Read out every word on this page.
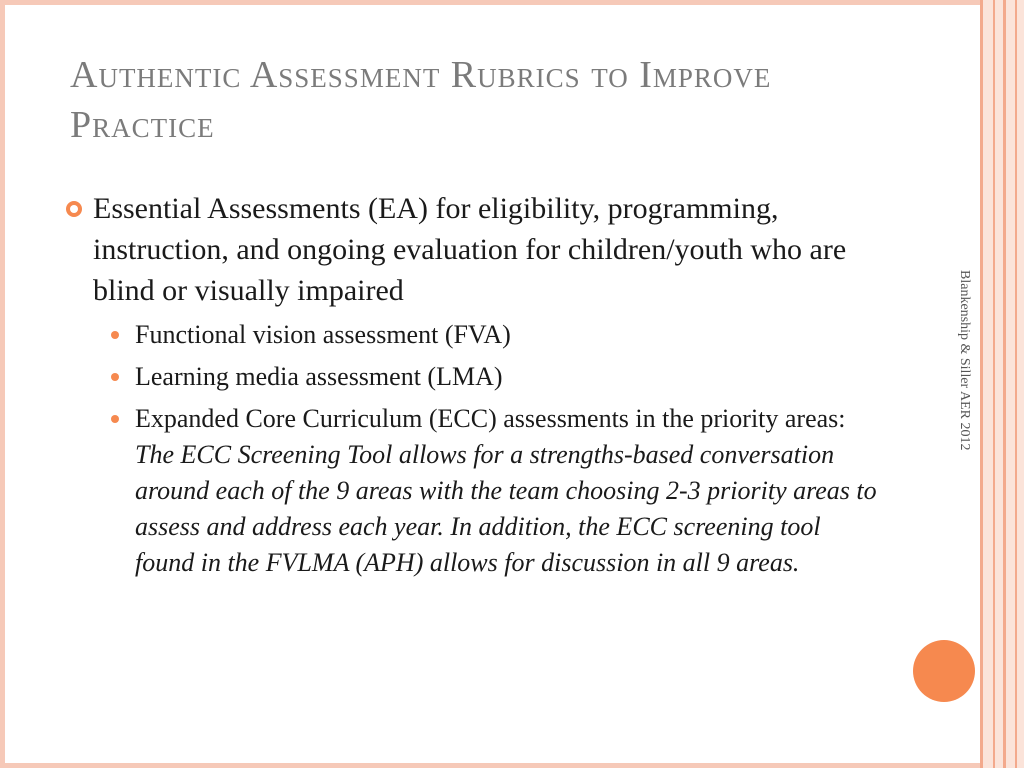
Authentic Assessment Rubrics to Improve Practice
Blankenship & Siller AER 2012

Essential Assessments (EA) for eligibility, programming, instruction, and ongoing evaluation for children/youth who are blind or visually impaired

Functional vision assessment (FVA)

Learning media assessment (LMA)

Expanded Core Curriculum (ECC) assessments in the priority areas: The ECC Screening Tool allows for a strengths-based conversation around each of the 9 areas with the team choosing 2-3 priority areas to assess and address each year. In addition, the ECC screening tool found in the FVLMA (APH) allows for discussion in all 9 areas.
